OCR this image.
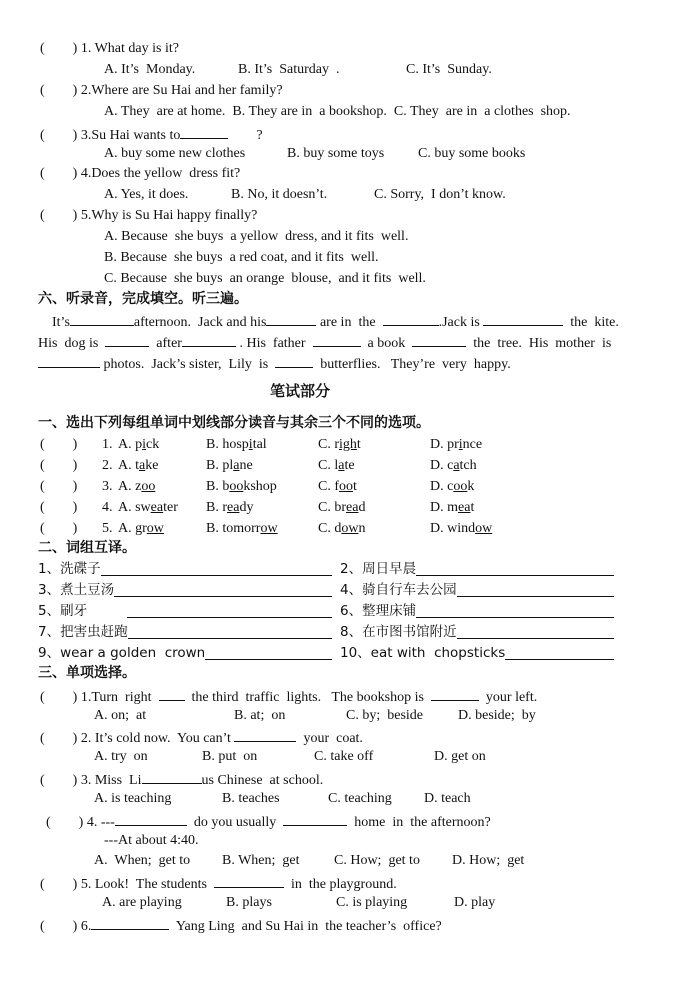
(        ) 1. What day is it?
A. It’s  Monday.	B. It’s  Saturday  .	C. It’s  Sunday.
(        ) 2.Where are Su Hai and her family?
A. They  are at home.  B. They are in  a bookshop.  C. They  are in  a clothes  shop.
(        ) 3.Su Hai wants to	?
A. buy some new clothes	B. buy some toys C. buy some books
(        ) 4.Does the yellow  dress fit?
A. Yes, it does.	B. No, it doesn’t.	C. Sorry,  I don’t know.
(        ) 5.Why is Su Hai happy finally?
A. Because  she buys  a yellow  dress, and it fits  well.
B. Because  she buys  a red coat, and it fits  well.
C. Because  she buys  an orange  blouse,  and it fits  well.
六、听录音，完成填空。听三遍。
It’s	afternoon.  Jack and his	are in  the	.Jack is	the  kite.
His  dog is	after	. His  father	a book	the  tree.  His  mother  is
photos.  Jack’s sister,  Lily  is	butterflies.   They’re  very  happy.
笔试部分
一、选出下列每组单词中划线部分读音与其余三个不同的选项。
(        ) 1. A. pick	B. hospital	C. right	D. prince
(        ) 2. A. take	B. plane	C. late	D. catch
(        ) 3. A. zoo	B. bookshop	C. foot	D. cook
(        ) 4. A. sweater B. ready	C. bread	D. meat
(        ) 5. A. grow	B. tomorrow	C. down	D. window
二、词组互译。
1、洗碟子	2、周日早晨
3、煮土豆汤	4、骑自行车去公园
5、刷牙	6、整理床铺
7、把害虫赶跑	8、在市图书馆附近
9、wear a golden  crown	10、eat with  chopsticks
三、单项选择。
(        ) 1.Turn  right	the third  traffic  lights.   The bookshop is	your left.
A. on;  at	B. at;  on	C. by;  beside	D. beside;  by
(        ) 2. It’s cold now.  You can’t	your  coat.
A. try  on	B. put  on	C. take off	D. get on
(        ) 3. Miss  Li	us Chinese  at school.
A. is teaching	B. teaches	C. teaching D. teach
(        ) 4. ---	do you usually	home  in  the afternoon?
---At about 4:40.
A.  When;  get to B. When;  get C. How;  get to D. How;  get
(        ) 5. Look!  The students	in  the playground.
A. are playing	B. plays	C. is playing	D. play
(        ) 6.	Yang Ling  and Su Hai in  the teacher’s  office?
